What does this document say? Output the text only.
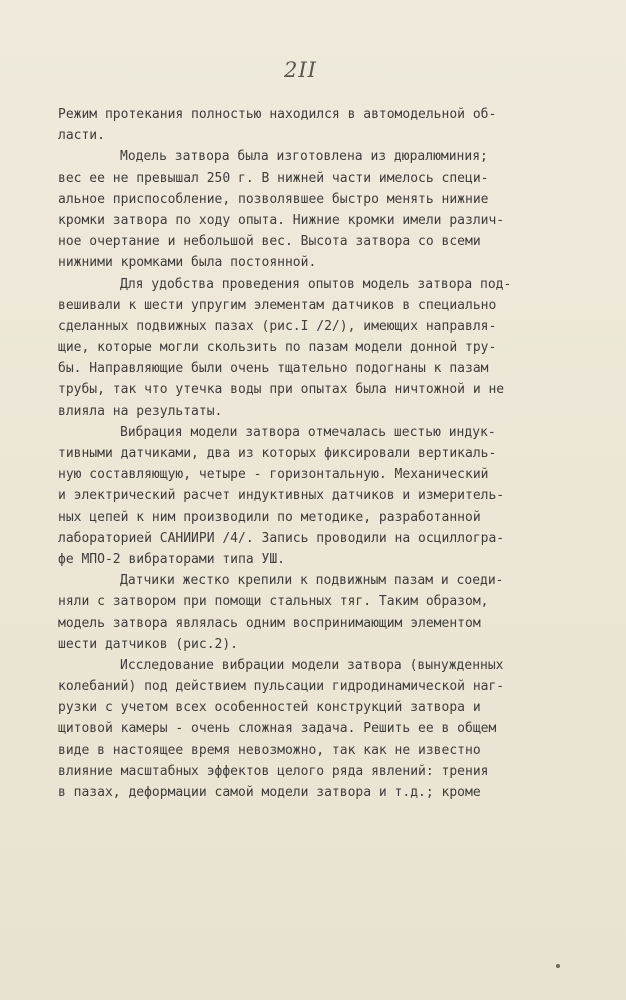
2II
Режим протекания полностью находился в автомодельной об-
ласти.
Модель затвора была изготовлена из дюралюминия;
вес ее не превышал 250 г. В нижней части имелось специ-
альное приспособление, позволявшее быстро менять нижние
кромки затвора по ходу опыта. Нижние кромки имели различ-
ное очертание и небольшой вес. Высота затвора со всеми
нижними кромками была постоянной.
Для удобства проведения опытов модель затвора под-
вешивали к шести упругим элементам датчиков в специально
сделанных подвижных пазах (рис.I /2/), имеющих направля-
щие, которые могли скользить по пазам модели донной тру-
бы. Направляющие были очень тщательно подогнаны к пазам
трубы, так что утечка воды при опытах была ничтожной и не
влияла на результаты.
Вибрация модели затвора отмечалась шестью индук-
тивными датчиками, два из которых фиксировали вертикаль-
ную составляющую, четыре - горизонтальную. Механический
и электрический расчет индуктивных датчиков и измеритель-
ных цепей к ним производили по методике, разработанной
лабораторией САНИИРИ /4/. Запись проводили на осциллогра-
фе МПО-2 вибраторами типа УШ.
Датчики жестко крепили к подвижным пазам и соеди-
няли с затвором при помощи стальных тяг. Таким образом,
модель затвора являлась одним воспринимающим элементом
шести датчиков (рис.2).
Исследование вибрации модели затвора (вынужденных
колебаний) под действием пульсации гидродинамической наг-
рузки с учетом всех особенностей конструкций затвора и
щитовой камеры - очень сложная задача. Решить ее в общем
виде в настоящее время невозможно, так как не известно
влияние масштабных эффектов целого ряда явлений: трения
в пазах, деформации самой модели затвора и т.д.; кроме
